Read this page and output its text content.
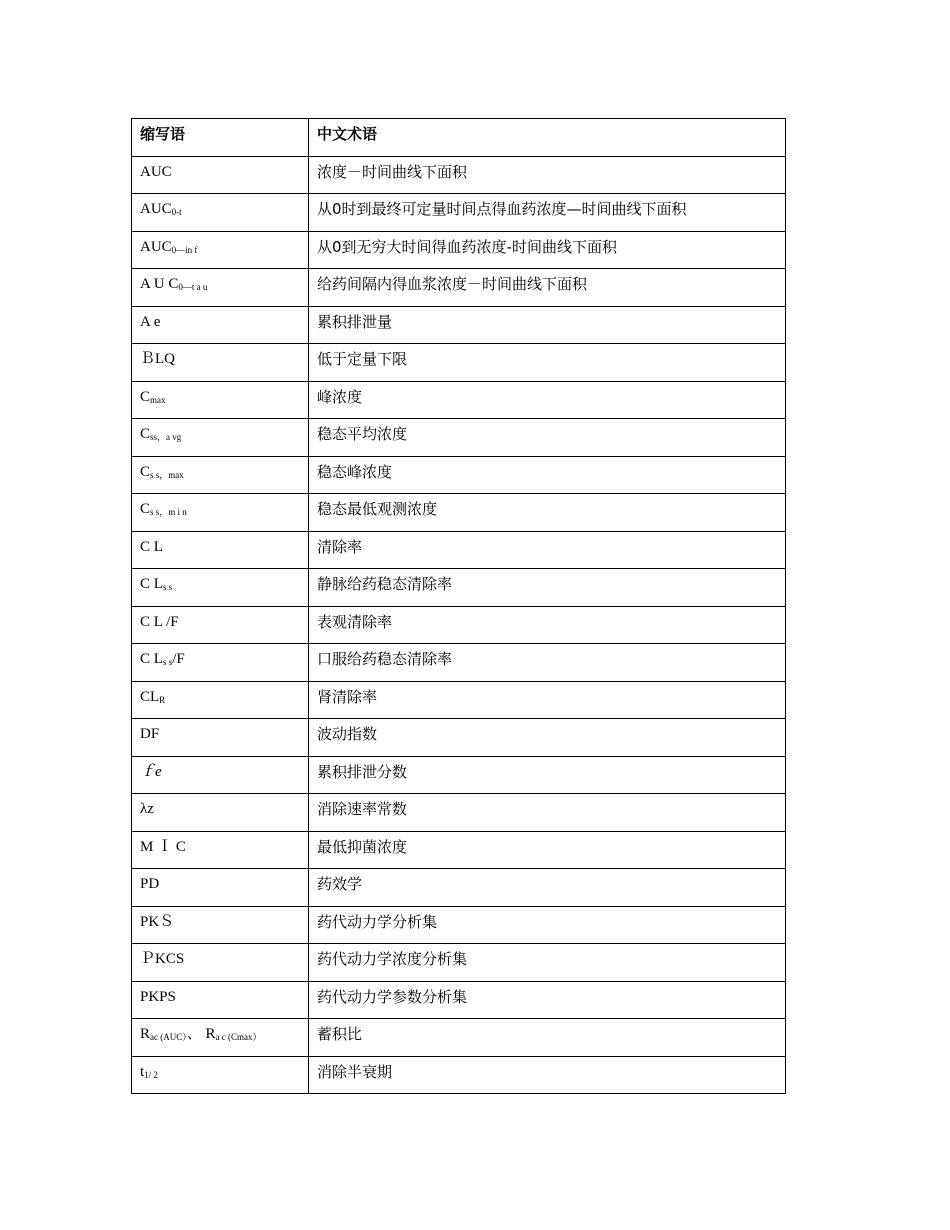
缩写语	中文术语
AUC	浓度－时间曲线下面积
$AUC_{0-t}$	从0时到最终可定量时间点得血药浓度—时间曲线下面积
$AUC_{0—in f}$	从0到无穷大时间得血药浓度-时间曲线下面积
A U $C_{0—t a u}$	给药间隔内得血浆浓度－时间曲线下面积
A e	累积排泄量
ＢLQ	低于定量下限
$C_{max}$	峰浓度
$C_{ss,a vg}$	稳态平均浓度
$C_{s s,max}$	稳态峰浓度
$C_{s s,m i n}$	稳态最低观测浓度
C L	清除率
C $L_{s s}$	静脉给药稳态清除率
C L /F	表观清除率
C $L_{s s}/F$	口服给药稳态清除率
$CL_R$	肾清除率
DF	波动指数
ｆe	累积排泄分数
λz	消除速率常数
M Ｉ C	最低抑菌浓度
PD	药效学
PKＳ	药代动力学分析集
ＰKCS	药代动力学浓度分析集
PKPS	药代动力学参数分析集
$R_{ac (AUC)}$、 $R_{a c (Cmax)}$	蓄积比
$t_{1/ 2}$	消除半衰期
